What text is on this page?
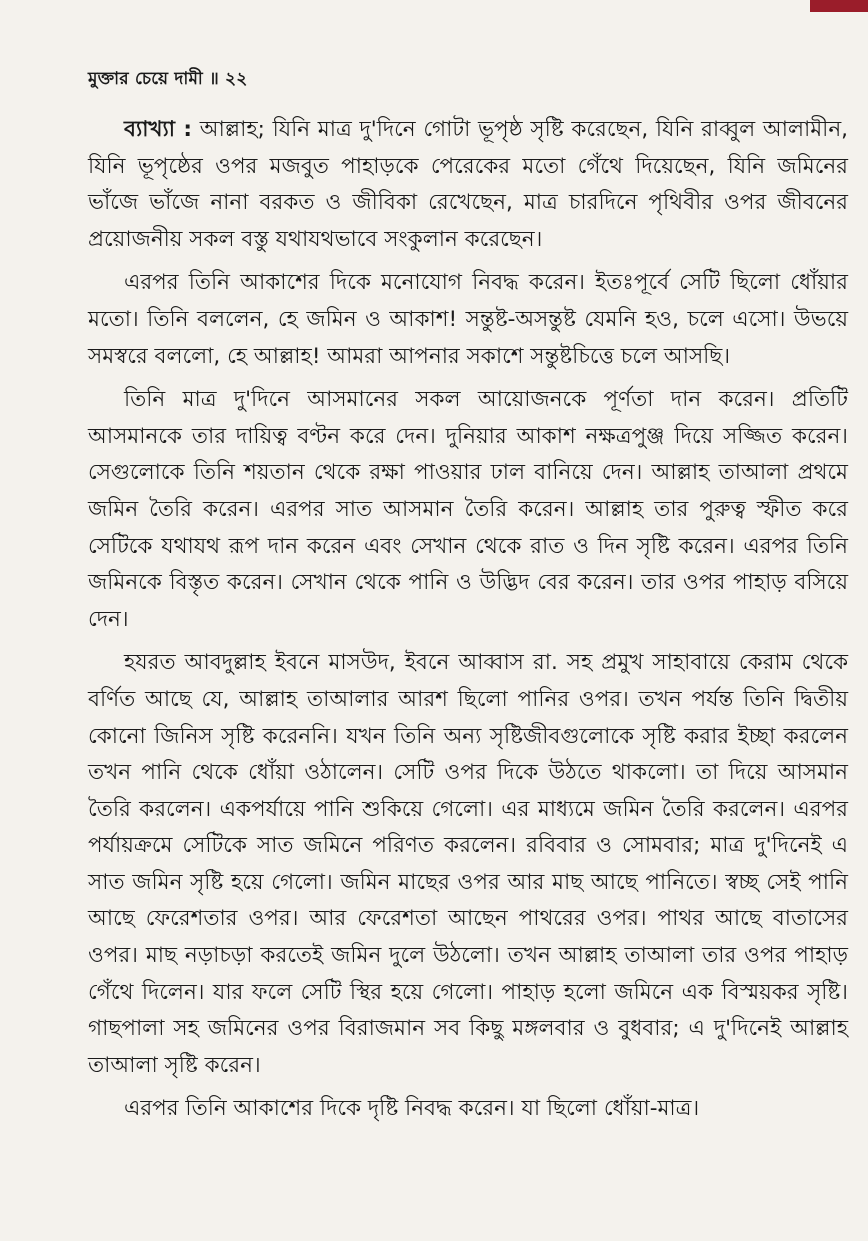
মুক্তার চেয়ে দামী ॥ ২২

ব্যাখ্যা : আল্লাহ; যিনি মাত্র দু'দিনে গোটা ভূপৃষ্ঠ সৃষ্টি করেছেন, যিনি রাব্বুল আলামীন, যিনি ভূপৃষ্ঠের ওপর মজবুত পাহাড়কে পেরেকের মতো গেঁথে দিয়েছেন, যিনি জমিনের ভাঁজে ভাঁজে নানা বরকত ও জীবিকা রেখেছেন, মাত্র চারদিনে পৃথিবীর ওপর জীবনের প্রয়োজনীয় সকল বস্তু যথাযথভাবে সংকুলান করেছেন।

এরপর তিনি আকাশের দিকে মনোযোগ নিবদ্ধ করেন। ইতঃপূর্বে সেটি ছিলো ধোঁয়ার মতো। তিনি বললেন, হে জমিন ও আকাশ! সন্তুষ্ট-অসন্তুষ্ট যেমনি হও, চলে এসো। উভয়ে সমস্বরে বললো, হে আল্লাহ! আমরা আপনার সকাশে সন্তুষ্টচিত্তে চলে আসছি।

তিনি মাত্র দু'দিনে আসমানের সকল আয়োজনকে পূর্ণতা দান করেন। প্রতিটি আসমানকে তার দায়িত্ব বণ্টন করে দেন। দুনিয়ার আকাশ নক্ষত্রপুঞ্জ দিয়ে সজ্জিত করেন। সেগুলোকে তিনি শয়তান থেকে রক্ষা পাওয়ার ঢাল বানিয়ে দেন। আল্লাহ তাআলা প্রথমে জমিন তৈরি করেন। এরপর সাত আসমান তৈরি করেন। আল্লাহ তার পুরুত্ব স্ফীত করে সেটিকে যথাযথ রূপ দান করেন এবং সেখান থেকে রাত ও দিন সৃষ্টি করেন। এরপর তিনি জমিনকে বিস্তৃত করেন। সেখান থেকে পানি ও উদ্ভিদ বের করেন। তার ওপর পাহাড় বসিয়ে দেন।

হযরত আবদুল্লাহ ইবনে মাসউদ, ইবনে আব্বাস রা. সহ প্রমুখ সাহাবায়ে কেরাম থেকে বর্ণিত আছে যে, আল্লাহ তাআলার আরশ ছিলো পানির ওপর। তখন পর্যন্ত তিনি দ্বিতীয় কোনো জিনিস সৃষ্টি করেননি। যখন তিনি অন্য সৃষ্টিজীবগুলোকে সৃষ্টি করার ইচ্ছা করলেন তখন পানি থেকে ধোঁয়া ওঠালেন। সেটি ওপর দিকে উঠতে থাকলো। তা দিয়ে আসমান তৈরি করলেন। একপর্যায়ে পানি শুকিয়ে গেলো। এর মাধ্যমে জমিন তৈরি করলেন। এরপর পর্যায়ক্রমে সেটিকে সাত জমিনে পরিণত করলেন। রবিবার ও সোমবার; মাত্র দু'দিনেই এ সাত জমিন সৃষ্টি হয়ে গেলো। জমিন মাছের ওপর আর মাছ আছে পানিতে। স্বচ্ছ সেই পানি আছে ফেরেশতার ওপর। আর ফেরেশতা আছেন পাথরের ওপর। পাথর আছে বাতাসের ওপর। মাছ নড়াচড়া করতেই জমিন দুলে উঠলো। তখন আল্লাহ তাআলা তার ওপর পাহাড় গেঁথে দিলেন। যার ফলে সেটি স্থির হয়ে গেলো। পাহাড় হলো জমিনে এক বিস্ময়কর সৃষ্টি। গাছপালা সহ জমিনের ওপর বিরাজমান সব কিছু মঙ্গলবার ও বুধবার; এ দু'দিনেই আল্লাহ তাআলা সৃষ্টি করেন।

এরপর তিনি আকাশের দিকে দৃষ্টি নিবদ্ধ করেন। যা ছিলো ধোঁয়া-মাত্র।
